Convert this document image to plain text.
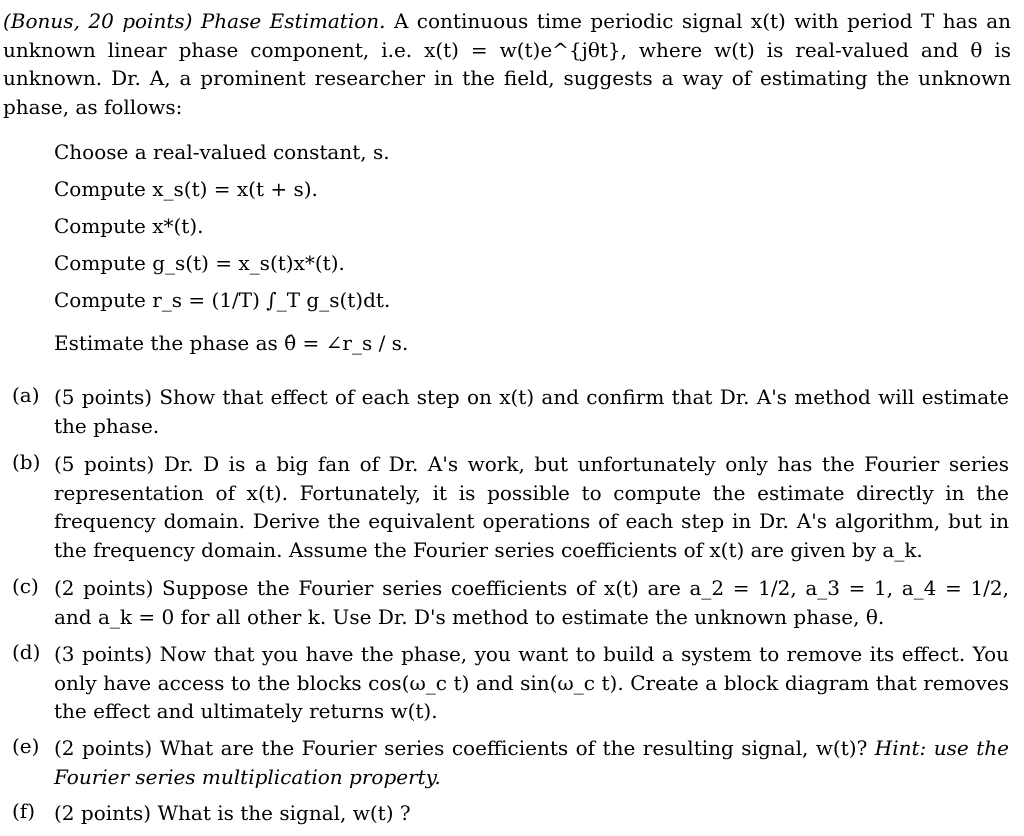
(Bonus, 20 points) Phase Estimation. A continuous time periodic signal x(t) with period T has an unknown linear phase component, i.e. x(t) = w(t)e^{jθt}, where w(t) is real-valued and θ is unknown. Dr. A, a prominent researcher in the field, suggests a way of estimating the unknown phase, as follows:
Choose a real-valued constant, s.
Compute x_s(t) = x(t + s).
Compute x*(t).
Compute g_s(t) = x_s(t)x*(t).
Compute r_s = (1/T) ∫_T g_s(t)dt.
Estimate the phase as θ̂ = ∠r_s / s.
(a) (5 points) Show that effect of each step on x(t) and confirm that Dr. A's method will estimate the phase.
(b) (5 points) Dr. D is a big fan of Dr. A's work, but unfortunately only has the Fourier series representation of x(t). Fortunately, it is possible to compute the estimate directly in the frequency domain. Derive the equivalent operations of each step in Dr. A's algorithm, but in the frequency domain. Assume the Fourier series coefficients of x(t) are given by a_k.
(c) (2 points) Suppose the Fourier series coefficients of x(t) are a_2 = 1/2, a_3 = 1, a_4 = 1/2, and a_k = 0 for all other k. Use Dr. D's method to estimate the unknown phase, θ.
(d) (3 points) Now that you have the phase, you want to build a system to remove its effect. You only have access to the blocks cos(ω_c t) and sin(ω_c t). Create a block diagram that removes the effect and ultimately returns w(t).
(e) (2 points) What are the Fourier series coefficients of the resulting signal, w(t)? Hint: use the Fourier series multiplication property.
(f) (2 points) What is the signal, w(t) ?
